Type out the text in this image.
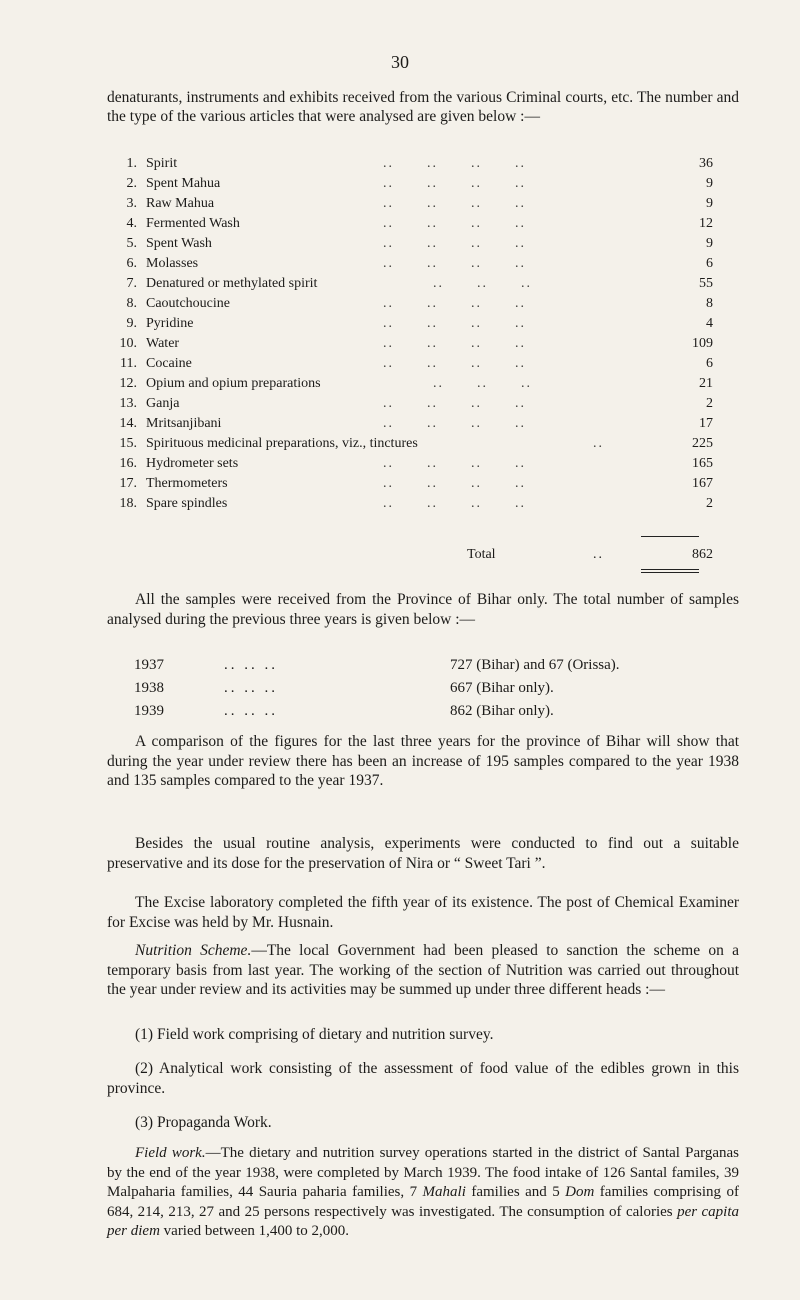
30

denaturants, instruments and exhibits received from the various Criminal courts, etc. The number and the type of the various articles that were analysed are given below :—

1. Spirit	..      ..      ..      ..	36
2. Spent Mahua	..      ..      ..      ..	9
3. Raw Mahua	..      ..      ..      ..	9
4. Fermented Wash	..      ..      ..      ..	12
5. Spent Wash	..      ..      ..      ..	9
6. Molasses	..      ..      ..      ..	6
7. Denatured or methylated spirit	..      ..      ..	55
8. Caoutchoucine	..      ..      ..      ..	8
9. Pyridine	..      ..      ..      ..	4
10. Water	..      ..      ..      ..	109
11. Cocaine	..      ..      ..      ..	6
12. Opium and opium preparations	..      ..      ..	21
13. Ganja	..      ..      ..      ..	2
14. Mritsanjibani	..      ..      ..      ..	17
15. Spirituous medicinal preparations, viz., tinctures	..	225
16. Hydrometer sets	..      ..      ..      ..	165
17. Thermometers	..      ..      ..      ..	167
18. Spare spindles	..      ..      ..      ..	2
Total	..	862

All the samples were received from the Province of Bihar only. The total number of samples analysed during the previous three years is given below :—

1937	.. .. ..	727 (Bihar) and 67 (Orissa).
1938	.. .. ..	667 (Bihar only).
1939	.. .. ..	862 (Bihar only).

A comparison of the figures for the last three years for the province of Bihar will show that during the year under review there has been an increase of 195 samples compared to the year 1938 and 135 samples compared to the year 1937.

Besides the usual routine analysis, experiments were conducted to find out a suitable preservative and its dose for the preservation of Nira or “ Sweet Tari ”.

The Excise laboratory completed the fifth year of its existence. The post of Chemical Examiner for Excise was held by Mr. Husnain.

Nutrition Scheme.—The local Government had been pleased to sanction the scheme on a temporary basis from last year. The working of the section of Nutrition was carried out throughout the year under review and its activities may be summed up under three different heads :—

(1) Field work comprising of dietary and nutrition survey.

(2) Analytical work consisting of the assessment of food value of the edibles grown in this province.

(3) Propaganda Work.

Field work.—The dietary and nutrition survey operations started in the district of Santal Parganas by the end of the year 1938, were completed by March 1939. The food intake of 126 Santal familes, 39 Malpaharia families, 44 Sauria paharia families, 7 Mahali families and 5 Dom families comprising of 684, 214, 213, 27 and 25 persons respectively was investigated. The consumption of calories per capita per diem varied between 1,400 to 2,000.
